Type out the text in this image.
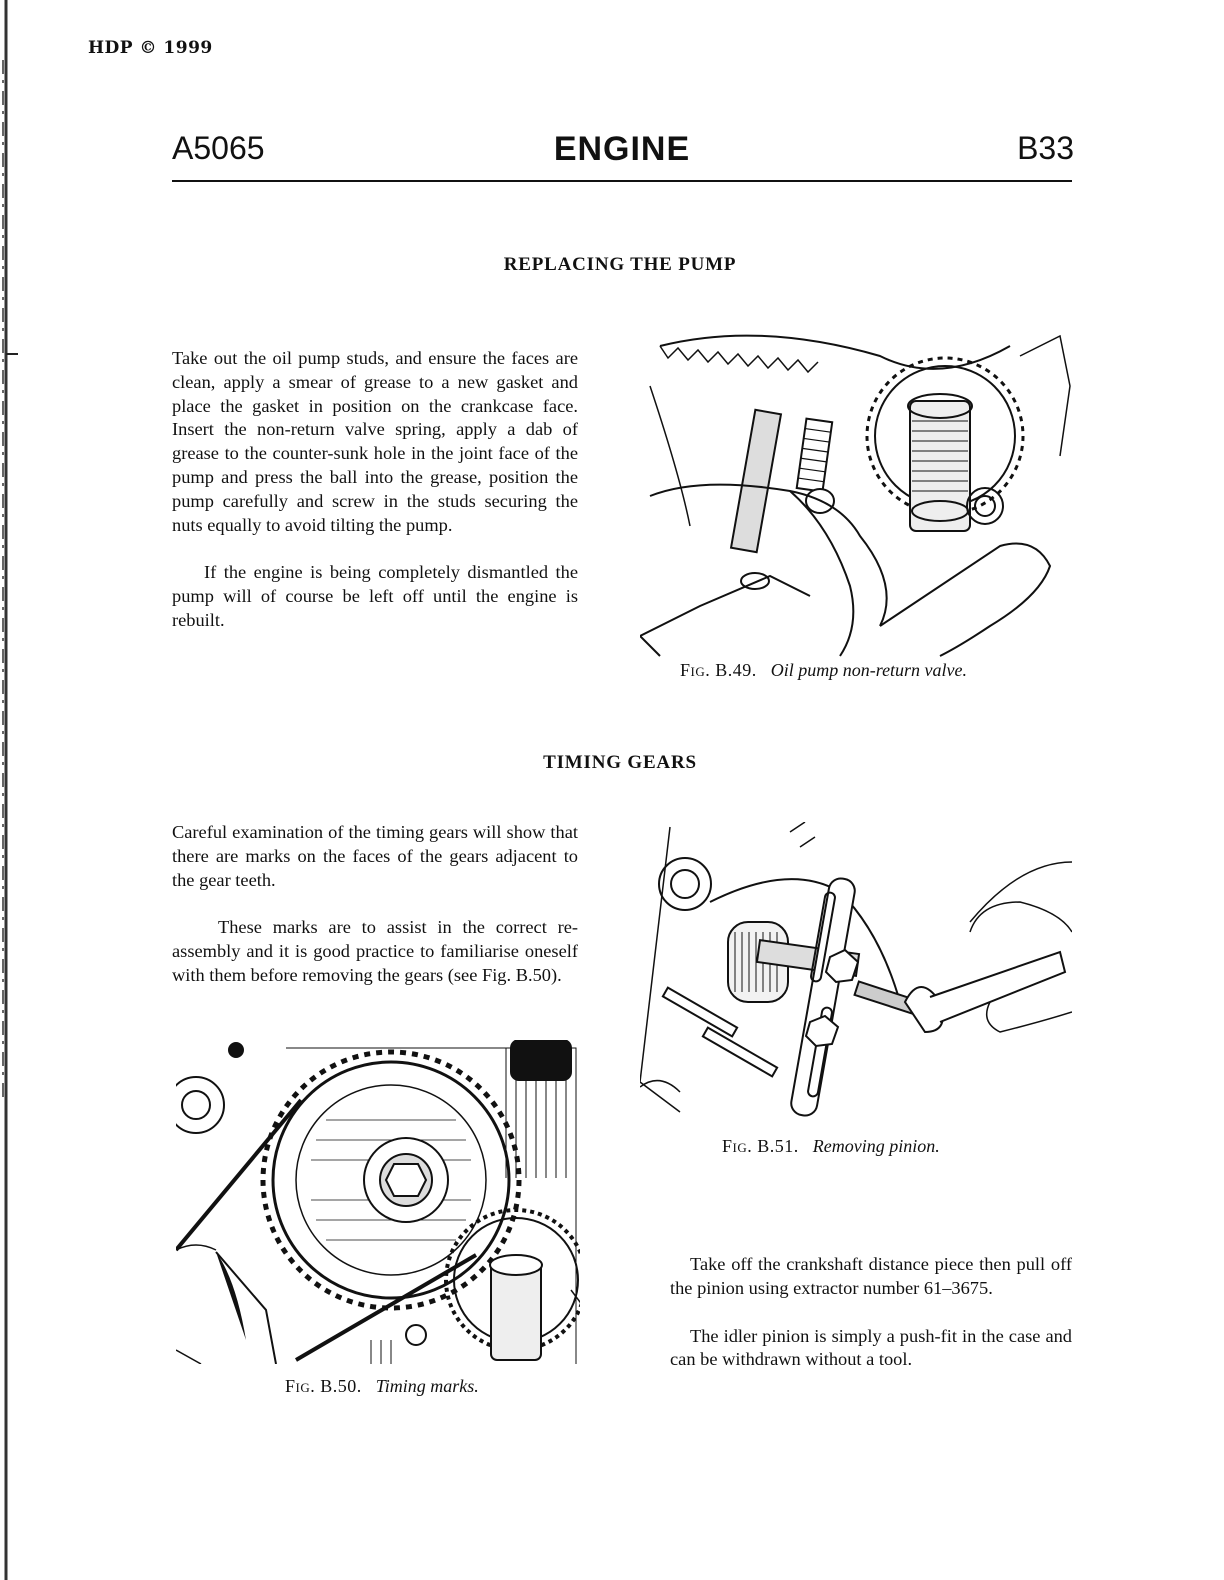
HDP © 1999
A5065	ENGINE	B33
REPLACING THE PUMP

Take out the oil pump studs, and ensure the faces are clean, apply a smear of grease to a new gasket and place the gasket in position on the crankcase face. Insert the non-return valve spring, apply a dab of grease to the counter-sunk hole in the joint face of the pump and press the ball into the grease, position the pump carefully and screw in the studs securing the nuts equally to avoid tilting the pump.

If the engine is being completely dismantled the pump will of course be left off until the engine is rebuilt.

Fig. B.49. Oil pump non-return valve.
TIMING GEARS

Careful examination of the timing gears will show that there are marks on the faces of the gears adjacent to the gear teeth.

These marks are to assist in the correct re-assembly and it is good practice to familiarise oneself with them before removing the gears (see Fig. B.50).

Fig. B.51. Removing pinion.
Fig. B.50. Timing marks.

Take off the crankshaft distance piece then pull off the pinion using extractor number 61–3675.

The idler pinion is simply a push-fit in the case and can be withdrawn without a tool.
